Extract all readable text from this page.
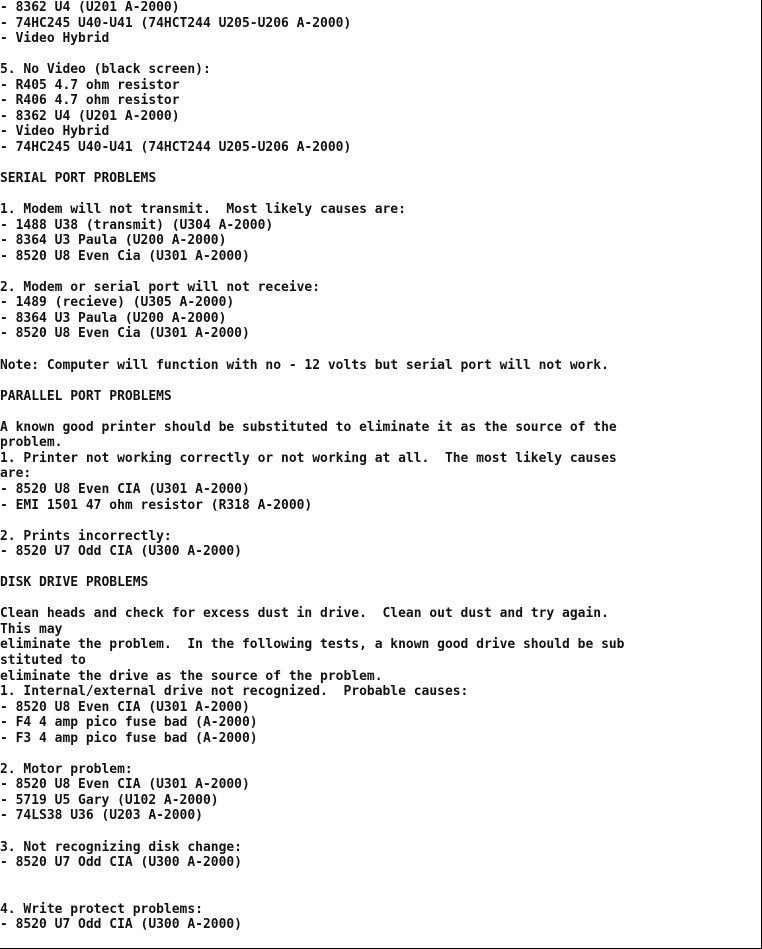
- 8362 U4 (U201 A-2000)
- 74HC245 U40-U41 (74HCT244 U205-U206 A-2000)
- Video Hybrid
5. No Video (black screen):
- R405 4.7 ohm resistor
- R406 4.7 ohm resistor
- 8362 U4 (U201 A-2000)
- Video Hybrid
- 74HC245 U40-U41 (74HCT244 U205-U206 A-2000)
SERIAL PORT PROBLEMS
1. Modem will not transmit.  Most likely causes are:
- 1488 U38 (transmit) (U304 A-2000)
- 8364 U3 Paula (U200 A-2000)
- 8520 U8 Even Cia (U301 A-2000)
2. Modem or serial port will not receive:
- 1489 (recieve) (U305 A-2000)
- 8364 U3 Paula (U200 A-2000)
- 8520 U8 Even Cia (U301 A-2000)
Note: Computer will function with no - 12 volts but serial port will not work.
PARALLEL PORT PROBLEMS
A known good printer should be substituted to eliminate it as the source of the
problem.
1. Printer not working correctly or not working at all.  The most likely causes
are:
- 8520 U8 Even CIA (U301 A-2000)
- EMI 1501 47 ohm resistor (R318 A-2000)
2. Prints incorrectly:
- 8520 U7 Odd CIA (U300 A-2000)
DISK DRIVE PROBLEMS
Clean heads and check for excess dust in drive.  Clean out dust and try again.
This may
eliminate the problem.  In the following tests, a known good drive should be sub
stituted to
eliminate the drive as the source of the problem.
1. Internal/external drive not recognized.  Probable causes:
- 8520 U8 Even CIA (U301 A-2000)
- F4 4 amp pico fuse bad (A-2000)
- F3 4 amp pico fuse bad (A-2000)
2. Motor problem:
- 8520 U8 Even CIA (U301 A-2000)
- 5719 U5 Gary (U102 A-2000)
- 74LS38 U36 (U203 A-2000)
3. Not recognizing disk change:
- 8520 U7 Odd CIA (U300 A-2000)
4. Write protect problems:
- 8520 U7 Odd CIA (U300 A-2000)
